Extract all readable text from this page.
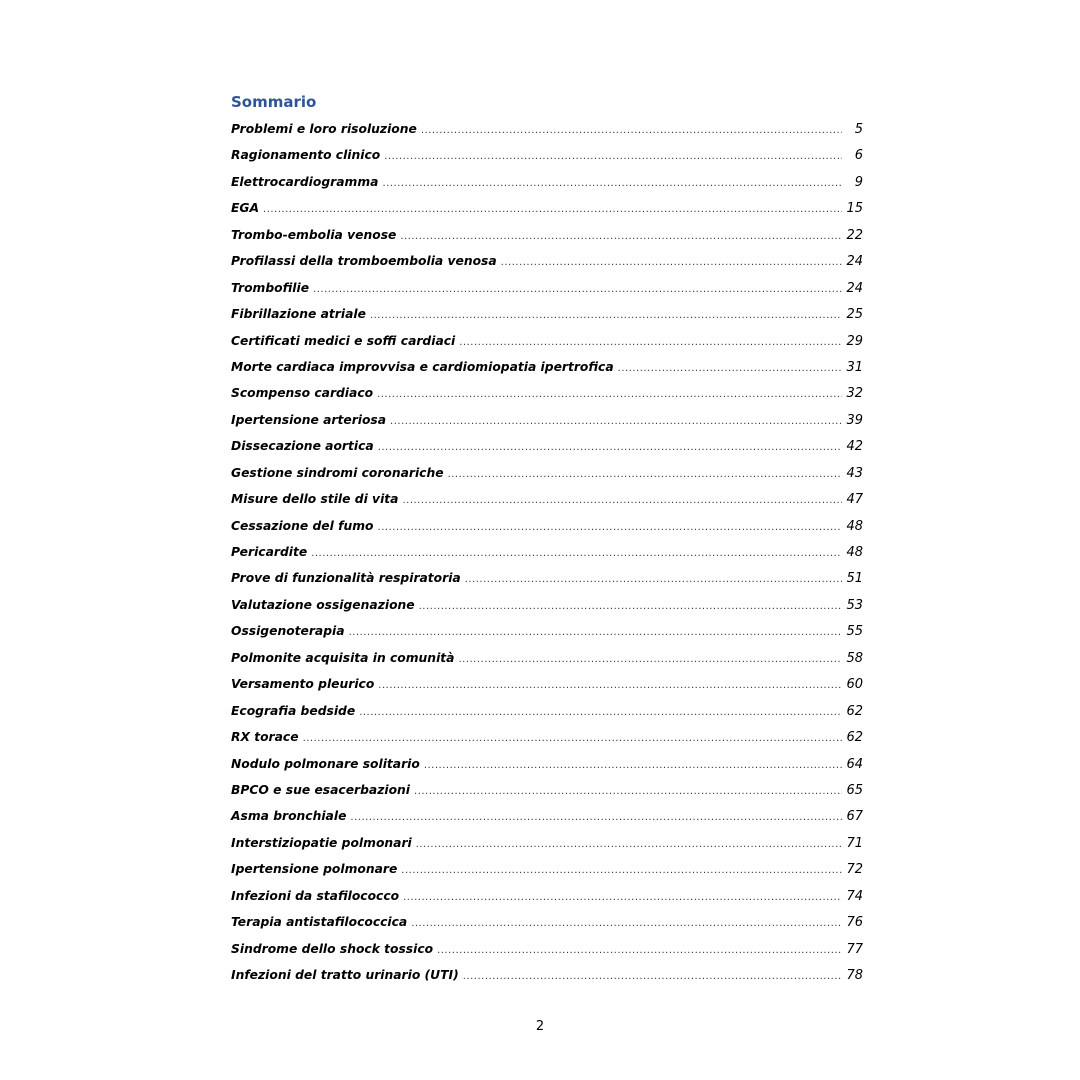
Sommario
Problemi e loro risoluzione .....	5
Ragionamento clinico .....	6
Elettrocardiogramma .....	9
EGA .....	15
Trombo-embolia venose .....	22
Profilassi della tromboembolia venosa .....	24
Trombofilie .....	24
Fibrillazione atriale .....	25
Certificati medici e soffi cardiaci .....	29
Morte cardiaca improvvisa e cardiomiopatia ipertrofica .....	31
Scompenso cardiaco .....	32
Ipertensione arteriosa .....	39
Dissecazione aortica .....	42
Gestione sindromi coronariche .....	43
Misure dello stile di vita .....	47
Cessazione del fumo .....	48
Pericardite .....	48
Prove di funzionalità respiratoria .....	51
Valutazione ossigenazione .....	53
Ossigenoterapia .....	55
Polmonite acquisita in comunità .....	58
Versamento pleurico .....	60
Ecografia bedside .....	62
RX torace .....	62
Nodulo polmonare solitario .....	64
BPCO e sue esacerbazioni .....	65
Asma bronchiale .....	67
Interstiziopatie polmonari .....	71
Ipertensione polmonare .....	72
Infezioni da stafilococco .....	74
Terapia antistafilococcica .....	76
Sindrome dello shock tossico .....	77
Infezioni del tratto urinario (UTI) .....	78

2
